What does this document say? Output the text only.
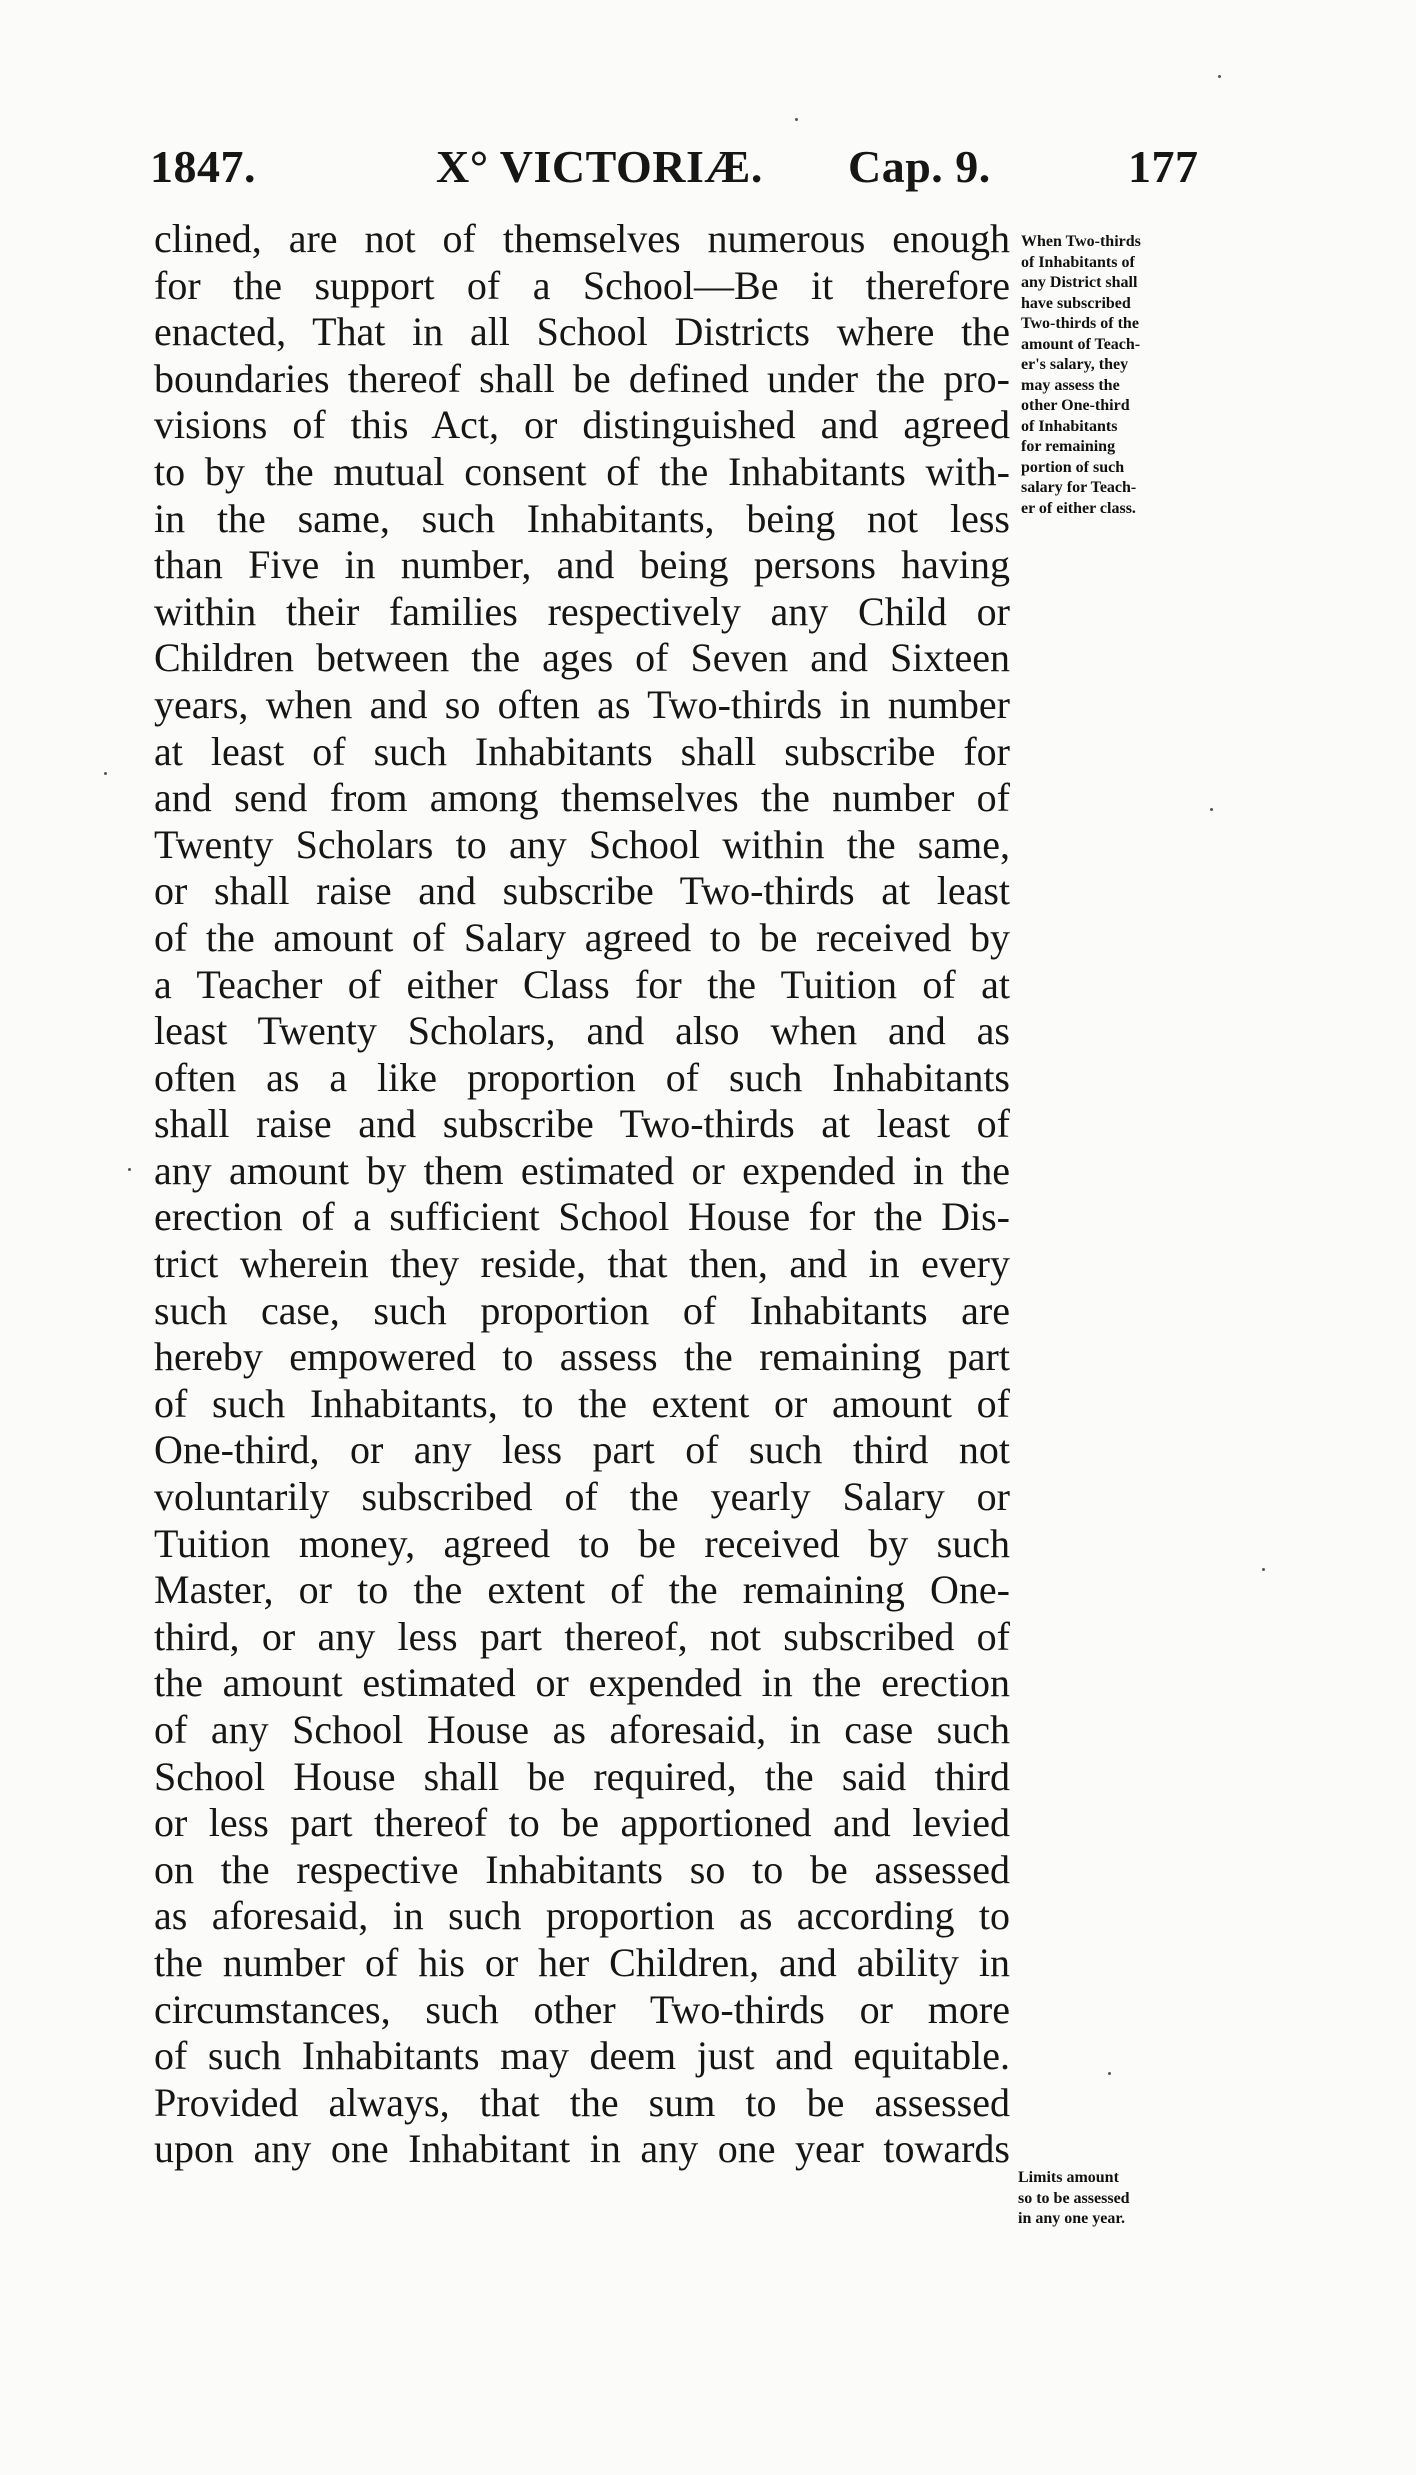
1847.	X° VICTORIÆ. Cap. 9.	177
clined, are not of themselves numerous enough
for the support of a School—Be it therefore
enacted, That in all School Districts where the
boundaries thereof shall be defined under the pro-
visions of this Act, or distinguished and agreed
to by the mutual consent of the Inhabitants with-
in the same, such Inhabitants, being not less
than Five in number, and being persons having
within their families respectively any Child or
Children between the ages of Seven and Sixteen
years, when and so often as Two-thirds in number
at least of such Inhabitants shall subscribe for
and send from among themselves the number of
Twenty Scholars to any School within the same,
or shall raise and subscribe Two-thirds at least
of the amount of Salary agreed to be received by
a Teacher of either Class for the Tuition of at
least Twenty Scholars, and also when and as
often as a like proportion of such Inhabitants
shall raise and subscribe Two-thirds at least of
any amount by them estimated or expended in the
erection of a sufficient School House for the Dis-
trict wherein they reside, that then, and in every
such case, such proportion of Inhabitants are
hereby empowered to assess the remaining part
of such Inhabitants, to the extent or amount of
One-third, or any less part of such third not
voluntarily subscribed of the yearly Salary or
Tuition money, agreed to be received by such
Master, or to the extent of the remaining One-
third, or any less part thereof, not subscribed of
the amount estimated or expended in the erection
of any School House as aforesaid, in case such
School House shall be required, the said third
or less part thereof to be apportioned and levied
on the respective Inhabitants so to be assessed
as aforesaid, in such proportion as according to
the number of his or her Children, and ability in
circumstances, such other Two-thirds or more
of such Inhabitants may deem just and equitable.
Provided always, that the sum to be assessed
upon any one Inhabitant in any one year towards
When Two-thirds
of Inhabitants of
any District shall
have subscribed
Two-thirds of the
amount of Teach-
er's salary, they
may assess the
other One-third
of Inhabitants
for remaining
portion of such
salary for Teach-
er of either class.
Limits amount
so to be assessed
in any one year.
